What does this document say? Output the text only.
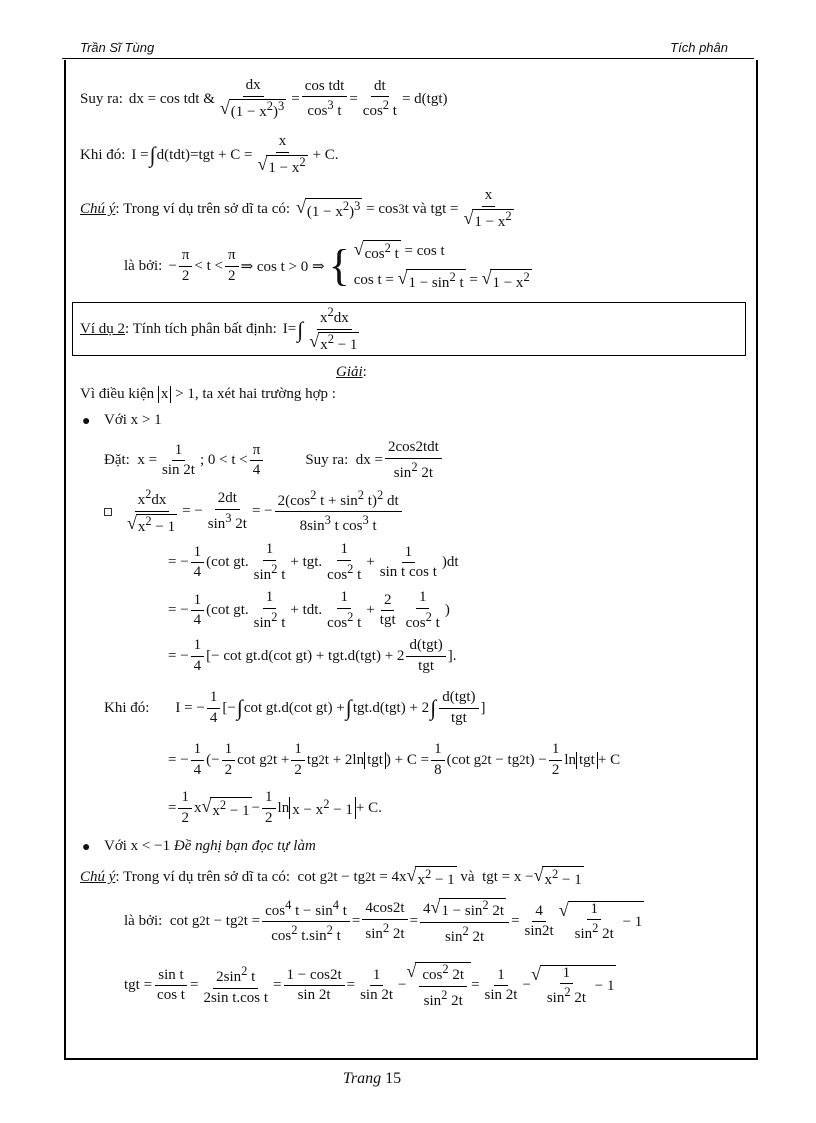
Trần Sĩ Tùng	Tích phân
Suy ra: dx = cos tdt & $\frac{dx}{√ (1 - x^2)^3} = \frac{\text{cos tdt}}{\cos^3 t} = \frac{dt}{\cos^2 t} = d(tgt)$
Khi đó: I = ∫ $d(tdt)=tgt + C = \frac{x}{√ 1 - x^2} + C$.
Chú ý : Trong ví dụ trên sở dĩ ta có: √ $(1 - x^2)^3 = \cos 3$ t và tgt = $\frac{x}{√ 1 - x^2}$
là bởi: − $\frac{\pi}{2} < t < \frac{\pi}{2}$ ⇒ cos t > 0 ⇒ { √ $\cos^2 t = \cos t$
cos t = √ $1 - \sin^2 t$ = √ $1 - x^2$
Ví dụ 2 : Tính tích phân bất định: I= ∫ $\frac{x^2dx}{√ x^2 - 1}$
Giải :
Vì điều kiện
x
> 1, ta xét hai trường hợp :
● Với x > 1
Đặt: $x = \frac{1}{\sin 2t}$ ; $0 < t < \frac{\pi}{4}$	Suy ra: dx = $\frac{\text{2cos2tdt}}{\sin^2 2t}$
$\frac{x^2dx}{√ x^2 - 1}$ = − $\frac{2dt}{\sin^3 2t}$ = − $\frac{2(\cos^2 t + \sin^2 t)^2 dt}{8\sin^3 t \cos^3 t}$
= − $\frac{1}{4} (\cot$ gt. $\frac{1}{\sin^2 t}$ + tgt. $\frac{1}{\cos^2 t} + \frac{1}{\text{sin t cos t}} )dt$
= − $\frac{1}{4} (\cot$ gt. $\frac{1}{\sin^2 t}$ + tdt. $\frac{1}{\cos^2 t} + \frac{2}{\text{tgt}} \frac{1}{\cos^2 t}$ )
= − $\frac{1}{4}$ [− cot gt.d(cot $gt) + tgt.d(tgt) + 2 \frac{\text{d(tgt)}}{\text{tgt}}$ ].
Khi đó: I = − $\frac{1}{4}$ [− ∫ cot gt.d(cot gt) + ∫ tgt.d(tgt) + 2 ∫ $\frac{\text{d(tgt)}}{\text{tgt}}$ ]
= − $\frac{1}{4}$ (− $\frac{1}{2}$ cot g 2 $t + \frac{1}{2}$ tg 2 t + 2ln tgt ) + $C = \frac{1}{8} (\cot$ g 2 t − tg 2 $t) - \frac{1}{2}$ ln tgt + C
= $\frac{1}{2}$ x √ $x^2 - 1 - \frac{1}{2}$ $\ln x - x^2 - 1 + C$.
● Với x < −1
Đề nghị bạn đọc tự làm
Chú ý : Trong ví dụ trên sở dĩ ta có: cot g 2 t − tg 2 t = 4x √ $x^2 - 1$
và tgt = x − √ $x^2 - 1$
là bởi: cot g 2 t − tg 2 $t = \frac{\cos^4 t - \sin^4 t}{\cos^2 t.\sin^2 t} = \frac{4\cos 2t}{\sin^2 2t} = \frac{4 √ 1 - \sin^2 2t}{\sin^2 2t} = \frac{4}{\sin 2t}$ √ $\frac{1}{\sin^2 2t} - 1$
tgt = $\frac{\text{sin t}}{\text{cos t}} = \frac{2\sin^2 t}{\text{2sin t.cos t}} = \frac{1 - \cos 2t}{\sin 2t} = \frac{1}{\sin 2t}$ −
√ $\frac{\cos^2 2t}{\sin^2 2t} = \frac{1}{\sin 2t}$ −
√ $\frac{1}{\sin^2 2t} - 1$
Trang 15
